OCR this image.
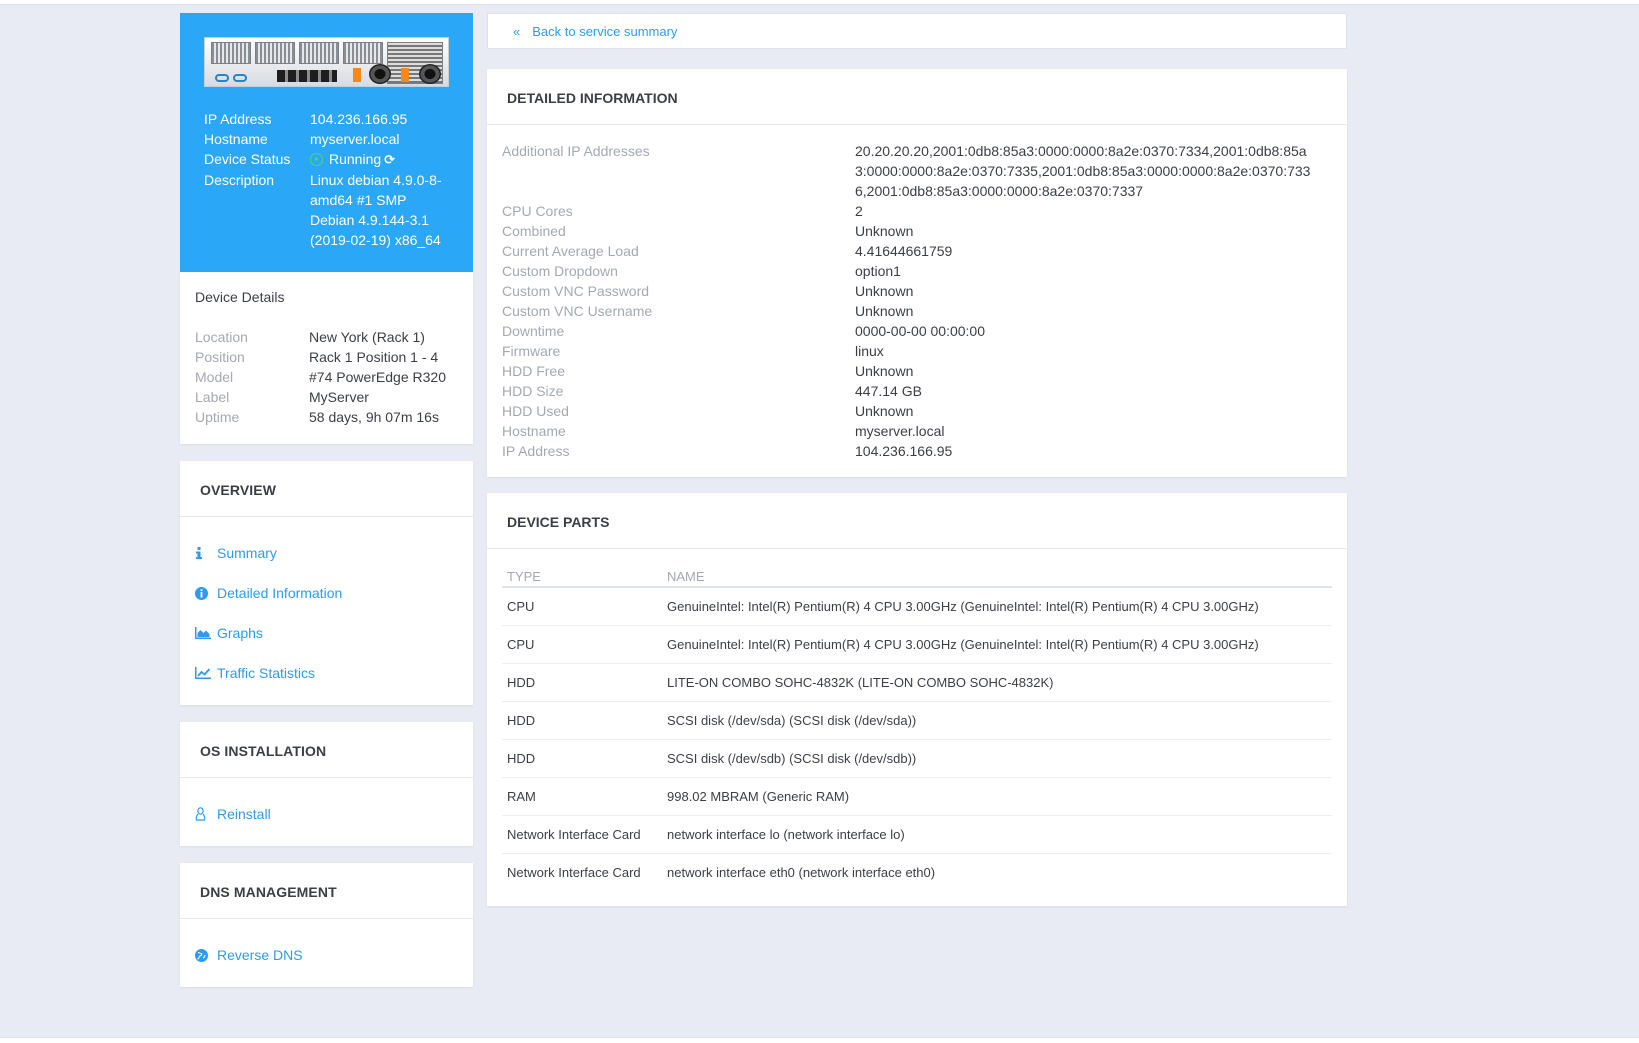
IP Address	104.236.166.95
Hostname	myserver.local
Device Status	Running ⟳
Description	Linux debian 4.9.0-8-amd64 #1 SMP Debian 4.9.144-3.1 (2019-02-19) x86_64
Device Details
Location	New York (Rack 1)
Position	Rack 1 Position 1 - 4
Model	#74 PowerEdge R320
Label	MyServer
Uptime	58 days, 9h 07m 16s
OVERVIEW
Summary
Detailed Information
Graphs
Traffic Statistics
OS INSTALLATION
Reinstall
DNS MANAGEMENT
Reverse DNS
« Back to service summary
DETAILED INFORMATION
Additional IP Addresses	20.20.20.20,2001:0db8:85a3:0000:0000:8a2e:0370:7334,2001:0db8:85a3:0000:0000:8a2e:0370:7335,2001:0db8:85a3:0000:0000:8a2e:0370:7336,2001:0db8:85a3:0000:0000:8a2e:0370:7337
CPU Cores	2
Combined	Unknown
Current Average Load	4.41644661759
Custom Dropdown	option1
Custom VNC Password	Unknown
Custom VNC Username	Unknown
Downtime	0000-00-00 00:00:00
Firmware	linux
HDD Free	Unknown
HDD Size	447.14 GB
HDD Used	Unknown
Hostname	myserver.local
IP Address	104.236.166.95
DEVICE PARTS
TYPE	NAME
CPU	GenuineIntel: Intel(R) Pentium(R) 4 CPU 3.00GHz (GenuineIntel: Intel(R) Pentium(R) 4 CPU 3.00GHz)
CPU	GenuineIntel: Intel(R) Pentium(R) 4 CPU 3.00GHz (GenuineIntel: Intel(R) Pentium(R) 4 CPU 3.00GHz)
HDD	LITE-ON COMBO SOHC-4832K (LITE-ON COMBO SOHC-4832K)
HDD	SCSI disk (/dev/sda) (SCSI disk (/dev/sda))
HDD	SCSI disk (/dev/sdb) (SCSI disk (/dev/sdb))
RAM	998.02 MBRAM (Generic RAM)
Network Interface Card	network interface lo (network interface lo)
Network Interface Card	network interface eth0 (network interface eth0)
